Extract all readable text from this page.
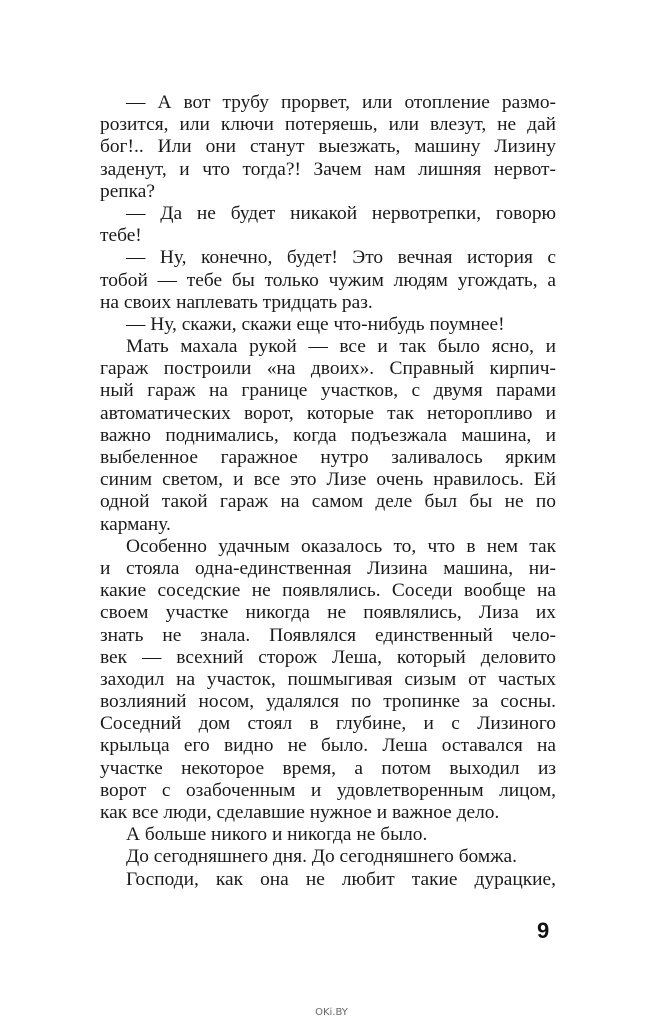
— А вот трубу прорвет, или отопление размо-
розится, или ключи потеряешь, или влезут, не дай
бог!.. Или они станут выезжать, машину Лизину
заденут, и что тогда?! Зачем нам лишняя нервот-
репка?
— Да не будет никакой нервотрепки, говорю
тебе!
— Ну, конечно, будет! Это вечная история с
тобой — тебе бы только чужим людям угождать, а
на своих наплевать тридцать раз.
— Ну, скажи, скажи еще что-нибудь поумнее!
Мать махала рукой — все и так было ясно, и
гараж построили «на двоих». Справный кирпич-
ный гараж на границе участков, с двумя парами
автоматических ворот, которые так неторопливо и
важно поднимались, когда подъезжала машина, и
выбеленное гаражное нутро заливалось ярким
синим светом, и все это Лизе очень нравилось. Ей
одной такой гараж на самом деле был бы не по
карману.
Особенно удачным оказалось то, что в нем так
и стояла одна-единственная Лизина машина, ни-
какие соседские не появлялись. Соседи вообще на
своем участке никогда не появлялись, Лиза их
знать не знала. Появлялся единственный чело-
век — всехний сторож Леша, который деловито
заходил на участок, пошмыгивая сизым от частых
возлияний носом, удалялся по тропинке за сосны.
Соседний дом стоял в глубине, и с Лизиного
крыльца его видно не было. Леша оставался на
участке некоторое время, а потом выходил из
ворот с озабоченным и удовлетворенным лицом,
как все люди, сделавшие нужное и важное дело.
А больше никого и никогда не было.
До сегодняшнего дня. До сегодняшнего бомжа.
Господи, как она не любит такие дурацкие,
9
OKi.BY
